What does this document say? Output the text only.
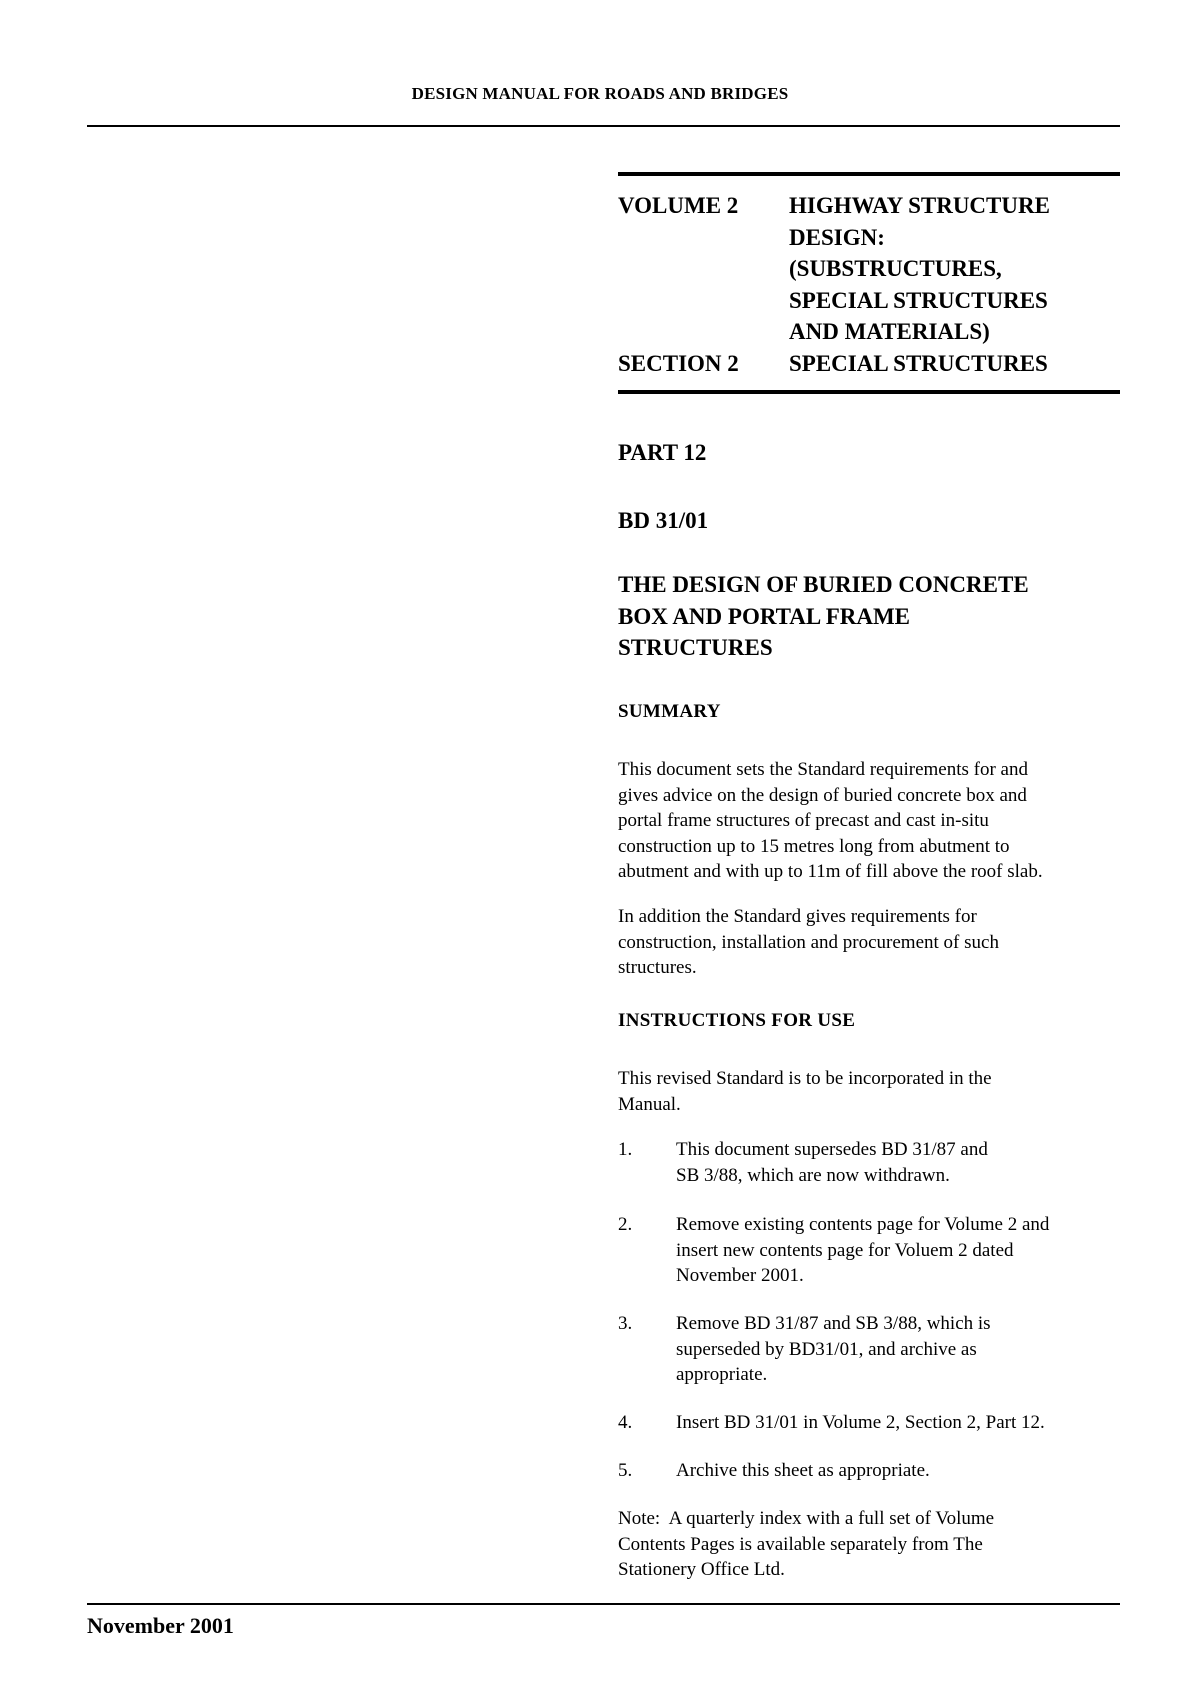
DESIGN MANUAL FOR ROADS AND BRIDGES
VOLUME 2	HIGHWAY STRUCTURE
DESIGN:
(SUBSTRUCTURES,
SPECIAL STRUCTURES
AND MATERIALS)
SECTION 2	SPECIAL STRUCTURES
PART 12
BD 31/01
THE DESIGN OF BURIED CONCRETE
BOX AND PORTAL FRAME
STRUCTURES
SUMMARY
This document sets the Standard requirements for and
gives advice on the design of buried concrete box and
portal frame structures of precast and cast in-situ
construction up to 15 metres long from abutment to
abutment and with up to 11m of fill above the roof slab.
In addition the Standard gives requirements for
construction, installation and procurement of such
structures.
INSTRUCTIONS FOR USE
This revised Standard is to be incorporated in the
Manual.
1.	This document supersedes BD 31/87 and
SB 3/88, which are now withdrawn.
2.	Remove existing contents page for Volume 2 and
insert new contents page for Voluem 2 dated
November 2001.
3.	Remove BD 31/87 and SB 3/88, which is
superseded by BD31/01, and archive as
appropriate.
4.	Insert BD 31/01 in Volume 2, Section 2, Part 12.
5.	Archive this sheet as appropriate.
Note:  A quarterly index with a full set of Volume
Contents Pages is available separately from The
Stationery Office Ltd.
November 2001
